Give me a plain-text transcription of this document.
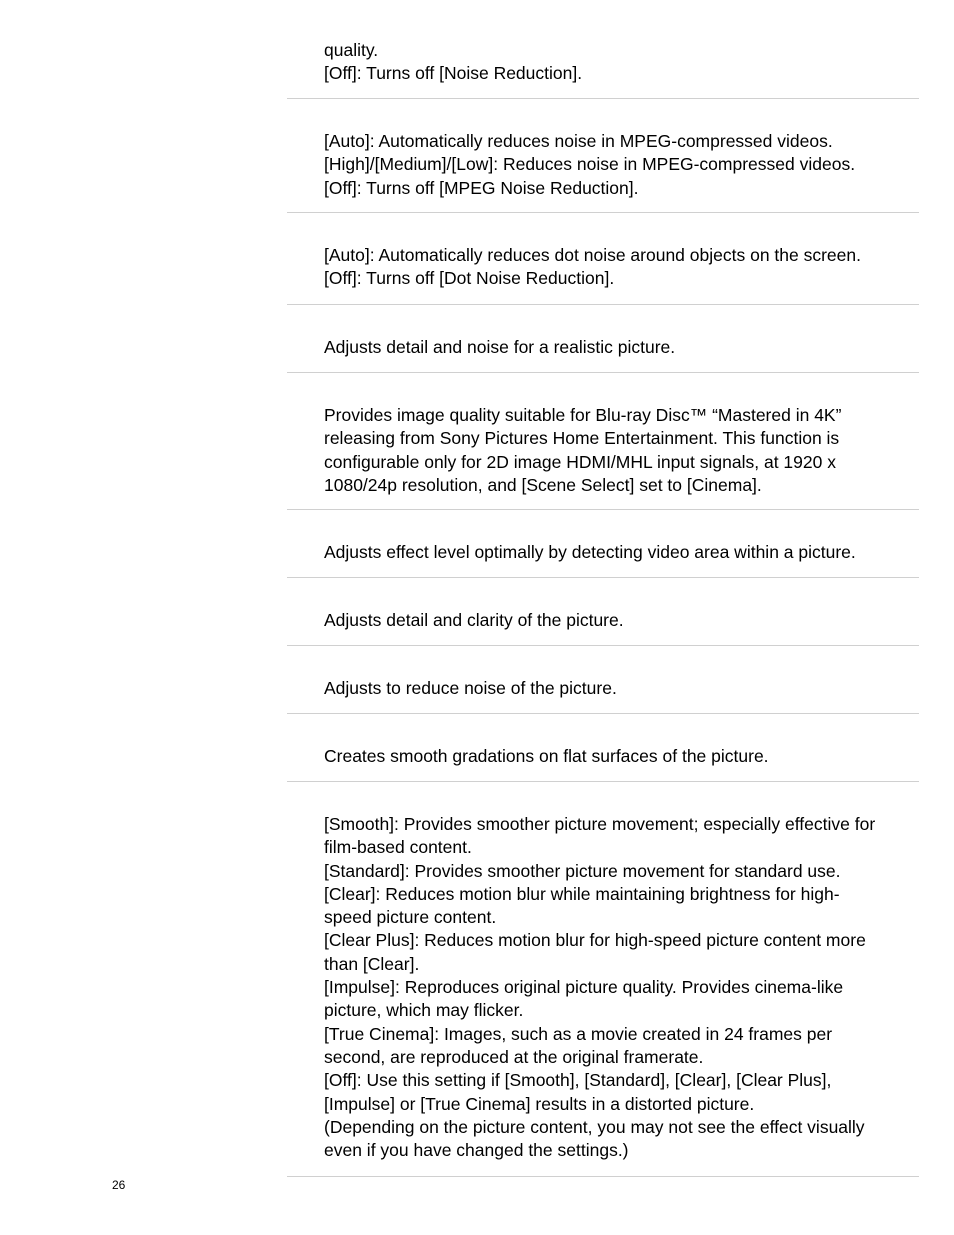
quality.
[Off]: Turns off [Noise Reduction].
[Auto]: Automatically reduces noise in MPEG-compressed videos.
[High]/[Medium]/[Low]: Reduces noise in MPEG-compressed videos.
[Off]: Turns off [MPEG Noise Reduction].
[Auto]: Automatically reduces dot noise around objects on the screen.
[Off]: Turns off [Dot Noise Reduction].
Adjusts detail and noise for a realistic picture.
Provides image quality suitable for Blu-ray Disc™ “Mastered in 4K”
releasing from Sony Pictures Home Entertainment. This function is
configurable only for 2D image HDMI/MHL input signals, at 1920 x
1080/24p resolution, and [Scene Select] set to [Cinema].
Adjusts effect level optimally by detecting video area within a picture.
Adjusts detail and clarity of the picture.
Adjusts to reduce noise of the picture.
Creates smooth gradations on flat surfaces of the picture.
[Smooth]: Provides smoother picture movement; especially effective for
film-based content.
[Standard]: Provides smoother picture movement for standard use.
[Clear]: Reduces motion blur while maintaining brightness for high-
speed picture content.
[Clear Plus]: Reduces motion blur for high-speed picture content more
than [Clear].
[Impulse]: Reproduces original picture quality. Provides cinema-like
picture, which may flicker.
[True Cinema]: Images, such as a movie created in 24 frames per
second, are reproduced at the original framerate.
[Off]: Use this setting if [Smooth], [Standard], [Clear], [Clear Plus],
[Impulse] or [True Cinema] results in a distorted picture.
(Depending on the picture content, you may not see the effect visually
even if you have changed the settings.)
26
